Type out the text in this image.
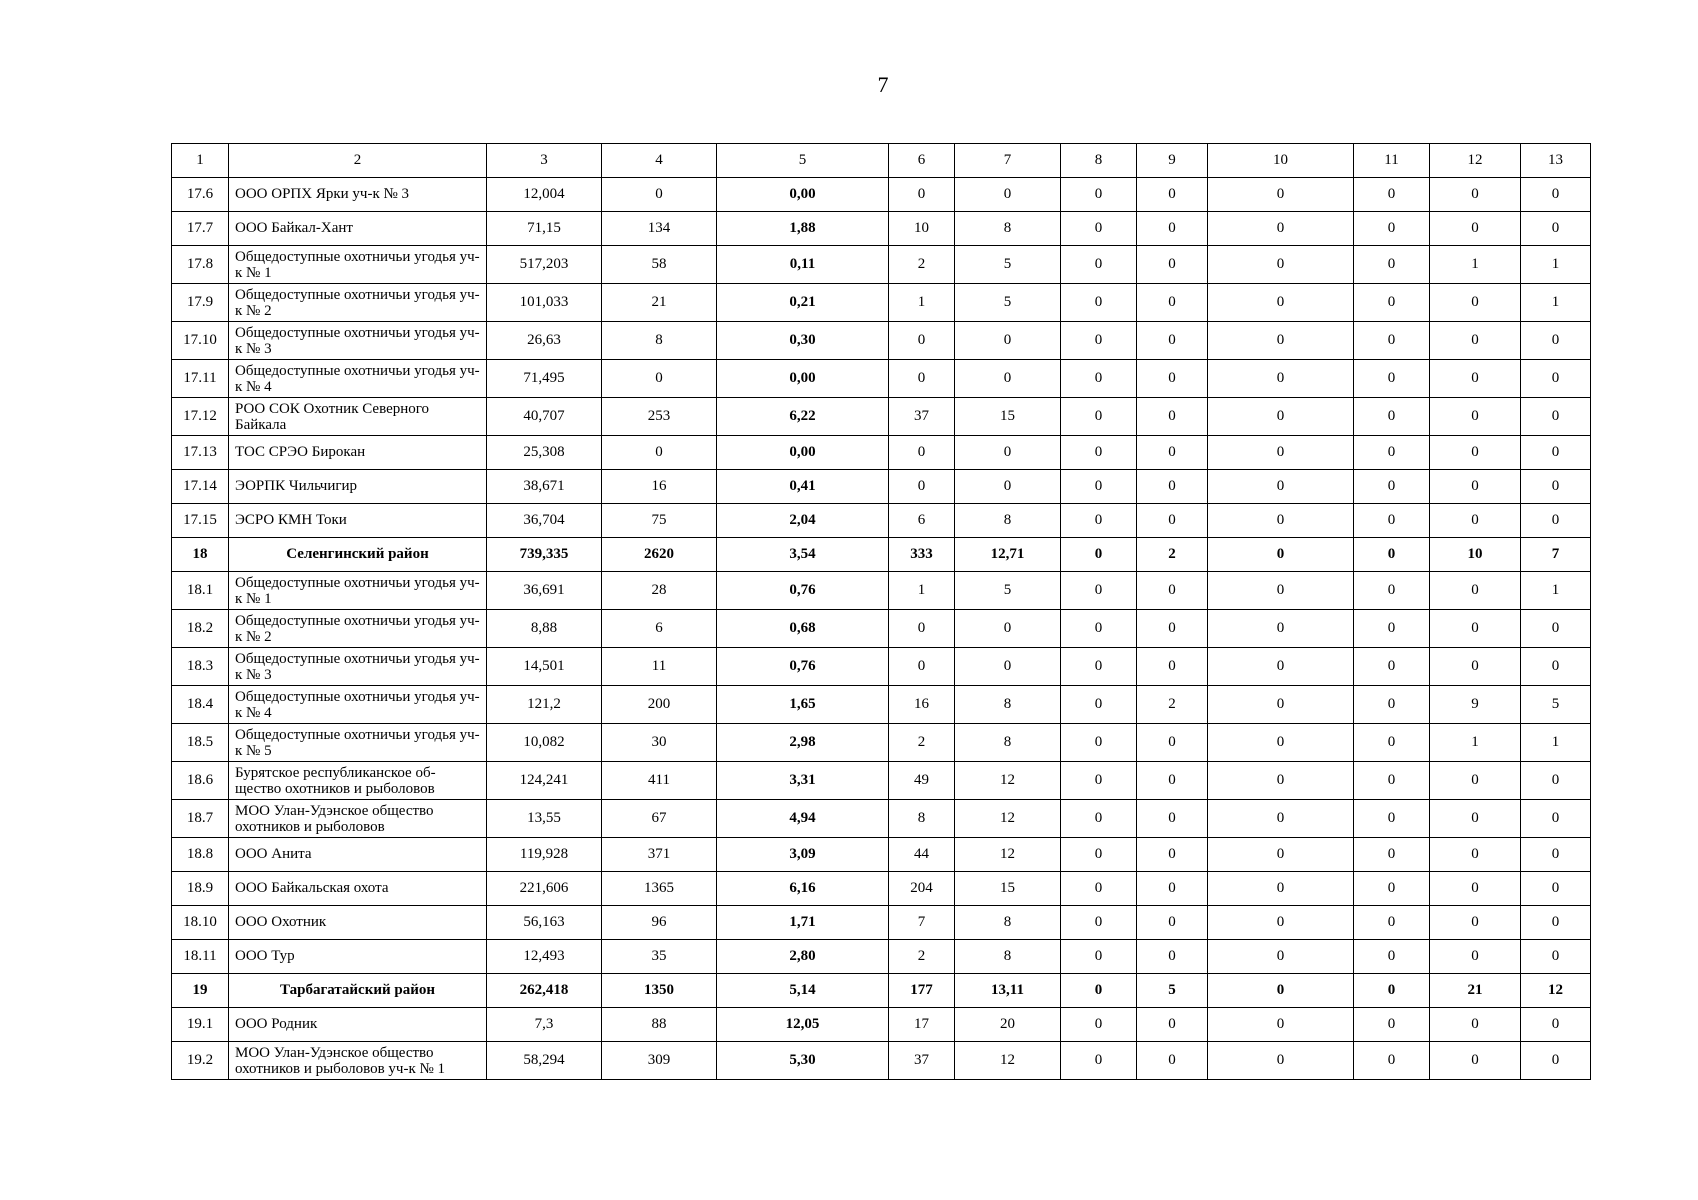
7
1	2	3	4	5	6	7	8	9	10	11	12	13
17.6	ООО ОРПХ Ярки уч-к № 3	12,004	0	0,00	0	0	0	0	0	0	0	0
17.7	ООО Байкал-Хант	71,15	134	1,88	10	8	0	0	0	0	0	0
17.8	Общедоступные охотничьи угодья уч-к № 1	517,203	58	0,11	2	5	0	0	0	0	1	1
17.9	Общедоступные охотничьи угодья уч-к № 2	101,033	21	0,21	1	5	0	0	0	0	0	1
17.10	Общедоступные охотничьи угодья уч-к № 3	26,63	8	0,30	0	0	0	0	0	0	0	0
17.11	Общедоступные охотничьи угодья уч-к № 4	71,495	0	0,00	0	0	0	0	0	0	0	0
17.12	РОО СОК Охотник Северного Байкала	40,707	253	6,22	37	15	0	0	0	0	0	0
17.13	ТОС СРЭО Бирокан	25,308	0	0,00	0	0	0	0	0	0	0	0
17.14	ЭОРПК Чильчигир	38,671	16	0,41	0	0	0	0	0	0	0	0
17.15	ЭСРО КМН Токи	36,704	75	2,04	6	8	0	0	0	0	0	0
18	Селенгинский район	739,335	2620	3,54	333	12,71	0	2	0	0	10	7
18.1	Общедоступные охотничьи угодья уч-к № 1	36,691	28	0,76	1	5	0	0	0	0	0	1
18.2	Общедоступные охотничьи угодья уч-к № 2	8,88	6	0,68	0	0	0	0	0	0	0	0
18.3	Общедоступные охотничьи угодья уч-к № 3	14,501	11	0,76	0	0	0	0	0	0	0	0
18.4	Общедоступные охотничьи угодья уч-к № 4	121,2	200	1,65	16	8	0	2	0	0	9	5
18.5	Общедоступные охотничьи угодья уч-к № 5	10,082	30	2,98	2	8	0	0	0	0	1	1
18.6	Бурятское республиканское об-щество охотников и рыболовов	124,241	411	3,31	49	12	0	0	0	0	0	0
18.7	МОО Улан-Удэнское общество охотников и рыболовов	13,55	67	4,94	8	12	0	0	0	0	0	0
18.8	ООО Анита	119,928	371	3,09	44	12	0	0	0	0	0	0
18.9	ООО Байкальская охота	221,606	1365	6,16	204	15	0	0	0	0	0	0
18.10	ООО Охотник	56,163	96	1,71	7	8	0	0	0	0	0	0
18.11	ООО Тур	12,493	35	2,80	2	8	0	0	0	0	0	0
19	Тарбагатайский район	262,418	1350	5,14	177	13,11	0	5	0	0	21	12
19.1	ООО Родник	7,3	88	12,05	17	20	0	0	0	0	0	0
19.2	МОО Улан-Удэнское общество охотников и рыболовов уч-к № 1	58,294	309	5,30	37	12	0	0	0	0	0	0
